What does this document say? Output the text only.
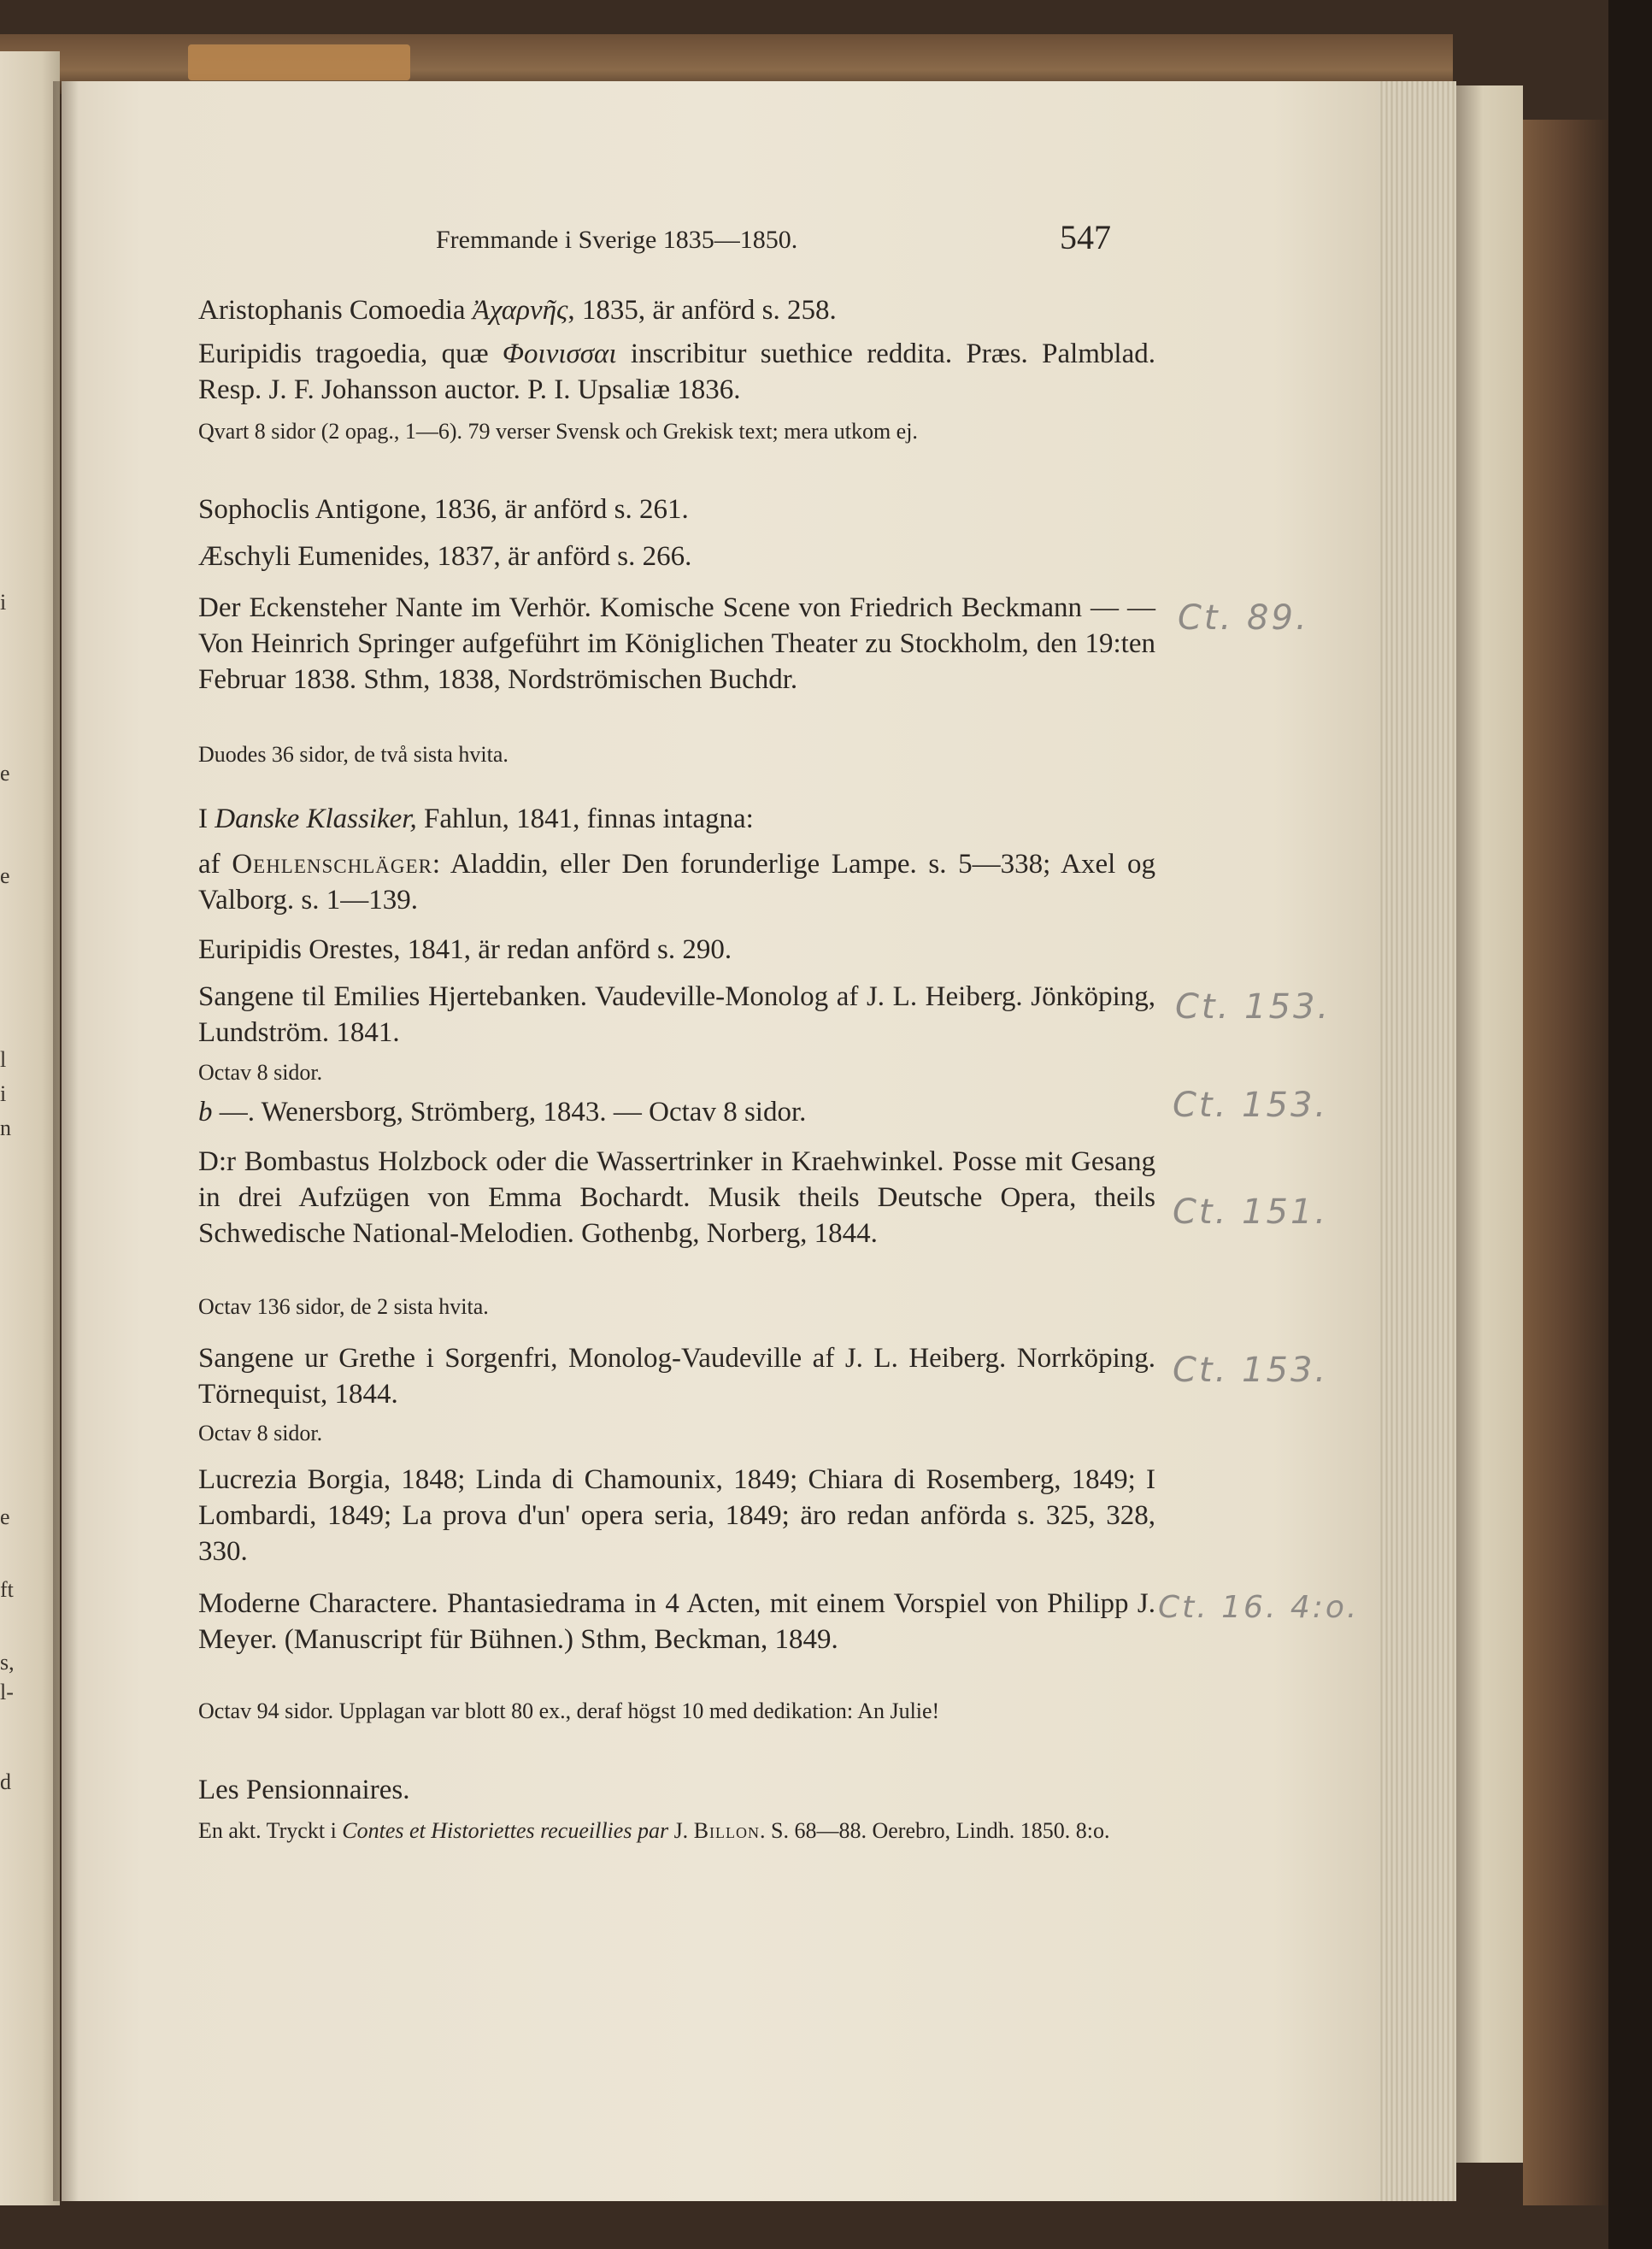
i
e
e
l
i
n
e
ft
s,
l-
d
Fremmande i Sverige 1835—1850.	547
Aristophanis Comoedia Ἀχαρνῆς, 1835, är anförd s. 258.
Euripidis tragoedia, quæ Φοινισσαι inscribitur suethice reddita. Præs. Palmblad. Resp. J. F. Johansson auctor. P. I. Upsaliæ 1836.
Qvart 8 sidor (2 opag., 1—6). 79 verser Svensk och Grekisk text; mera utkom ej.
Sophoclis Antigone, 1836, är anförd s. 261.
Æschyli Eumenides, 1837, är anförd s. 266.
Der Eckensteher Nante im Verhör. Komische Scene von Friedrich Beckmann — — Von Heinrich Springer aufgeführt im Königlichen Theater zu Stockholm, den 19:ten Februar 1838. Sthm, 1838, Nordströmischen Buchdr.
Duodes 36 sidor, de två sista hvita.
I Danske Klassiker, Fahlun, 1841, finnas intagna:
af Oehlenschläger: Aladdin, eller Den forunderlige Lampe. s. 5—338; Axel og Valborg. s. 1—139.
Euripidis Orestes, 1841, är redan anförd s. 290.
Sangene til Emilies Hjertebanken. Vaudeville-Monolog af J. L. Heiberg. Jönköping, Lundström. 1841.
Octav 8 sidor.
b —. Wenersborg, Strömberg, 1843. — Octav 8 sidor.
D:r Bombastus Holzbock oder die Wassertrinker in Kraehwinkel. Posse mit Gesang in drei Aufzügen von Emma Bochardt. Musik theils Deutsche Opera, theils Schwedische National-Melodien. Gothenbg, Norberg, 1844.
Octav 136 sidor, de 2 sista hvita.
Sangene ur Grethe i Sorgenfri, Monolog-Vaudeville af J. L. Heiberg. Norrköping. Törnequist, 1844.
Octav 8 sidor.
Lucrezia Borgia, 1848; Linda di Chamounix, 1849; Chiara di Rosemberg, 1849; I Lombardi, 1849; La prova d'un' opera seria, 1849; äro redan anförda s. 325, 328, 330.
Moderne Charactere. Phantasiedrama in 4 Acten, mit einem Vorspiel von Philipp J. Meyer. (Manuscript für Bühnen.) Sthm, Beckman, 1849.
Octav 94 sidor. Upplagan var blott 80 ex., deraf högst 10 med dedikation: An Julie!
Les Pensionnaires.
En akt. Tryckt i Contes et Historiettes recueillies par J. Billon. S. 68—88. Oerebro, Lindh. 1850. 8:o.
Ct. 89.
Ct. 153.
Ct. 153.
Ct. 151.
Ct. 153.
Ct. 16. 4:o.
